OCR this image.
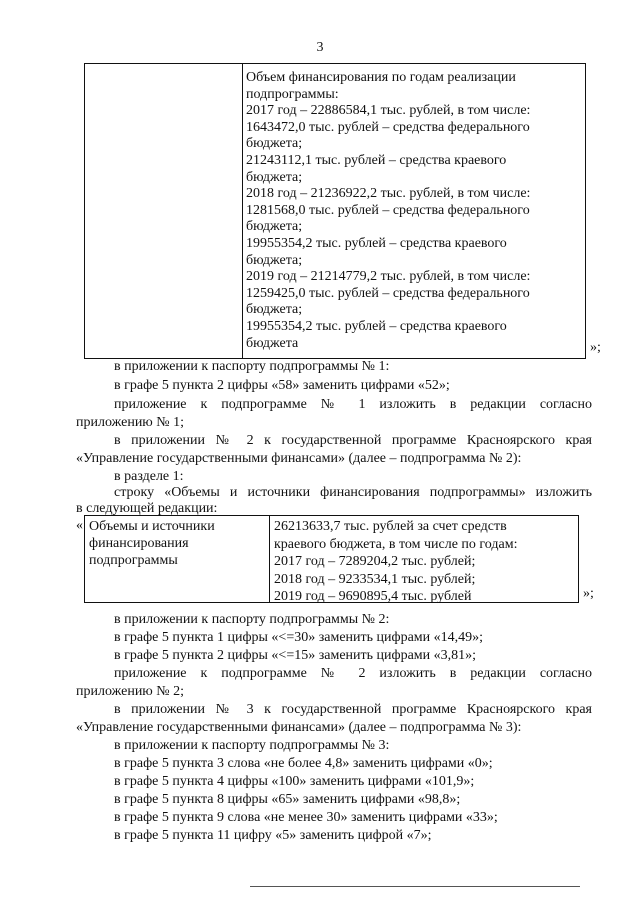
3
Объем финансирования по годам реализации
подпрограммы:
2017 год – 22886584,1 тыс. рублей, в том числе:
1643472,0 тыс. рублей – средства федерального
бюджета;
21243112,1 тыс. рублей – средства краевого
бюджета;
2018 год – 21236922,2 тыс. рублей, в том числе:
1281568,0 тыс. рублей – средства федерального
бюджета;
19955354,2 тыс. рублей – средства краевого
бюджета;
2019 год – 21214779,2 тыс. рублей, в том числе:
1259425,0 тыс. рублей – средства федерального
бюджета;
19955354,2 тыс. рублей – средства краевого
бюджета	»;
в приложении к паспорту подпрограммы № 1:
в графе 5 пункта 2 цифры «58» заменить цифрами «52»;
приложение к подпрограмме № 1 изложить в редакции согласно
приложению № 1;
в приложении № 2 к государственной программе Красноярского края
«Управление государственными финансами» (далее – подпрограмма № 2):
в разделе 1:
строку «Объемы и источники финансирования подпрограммы» изложить
в следующей редакции:
« Объемы и источники
финансирования
подпрограммы
26213633,7 тыс. рублей за счет средств
краевого бюджета, в том числе по годам:
2017 год – 7289204,2 тыс. рублей;
2018 год – 9233534,1 тыс. рублей;
2019 год – 9690895,4 тыс. рублей	»;
в приложении к паспорту подпрограммы № 2:
в графе 5 пункта 1 цифры «<=30» заменить цифрами «14,49»;
в графе 5 пункта 2 цифры «<=15» заменить цифрами «3,81»;
приложение к подпрограмме № 2 изложить в редакции согласно
приложению № 2;
в приложении № 3 к государственной программе Красноярского края
«Управление государственными финансами» (далее – подпрограмма № 3):
в приложении к паспорту подпрограммы № 3:
в графе 5 пункта 3 слова «не более 4,8» заменить цифрами «0»;
в графе 5 пункта 4 цифры «100» заменить цифрами «101,9»;
в графе 5 пункта 8 цифры «65» заменить цифрами «98,8»;
в графе 5 пункта 9 слова «не менее 30» заменить цифрами «33»;
в графе 5 пункта 11 цифру «5» заменить цифрой «7»;
